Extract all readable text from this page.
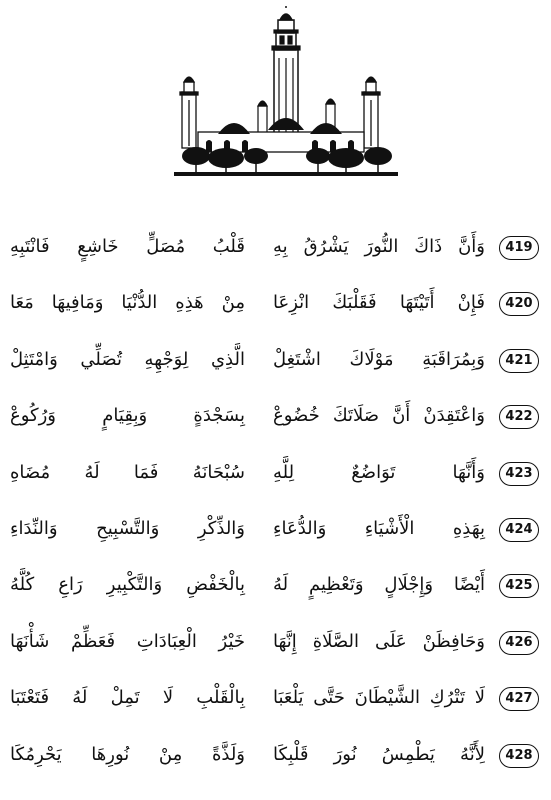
419
وَأَنَّ ذَاكَ النُّورَ يَشْرُقُ بِهِ
قَلْبُ مُصَلٍّ خَاشِعٍ فَانْتَبِهِ
420
فَإِنْ أَتَيْتَهَا فَقَلْبَكَ انْزِعَا
مِنْ هَذِهِ الدُّنْيَا وَمَافِيهَا مَعَا
421
وَبِمُرَاقَبَةِ مَوْلَاكَ اشْتَغِلْ
الَّذِي لِوَجْهِهِ تُصَلِّي وَامْتَثِلْ
422
وَاعْتَقِدَنْ أَنَّ صَلَاتَكَ خُضُوعْ
بِسَجْدَةٍ وَبِقِيَامٍ وَرُكُوعْ
423
وَأَنَّهَا تَوَاضُعٌ لِلَّهِ
سُبْحَانَهُ فَمَا لَهُ مُضَاهِ
424
بِهَذِهِ الْأَشْيَاءِ وَالدُّعَاءِ
وَالذِّكْرِ وَالتَّسْبِيحِ وَالنِّدَاءِ
425
أَيْضًا وَإِجْلَالٍ وَتَعْظِيمٍ لَهُ
بِالْخَفْضِ وَالتَّكْبِيرِ رَاعِ كُلَّهُ
426
وَحَافِظَنْ عَلَى الصَّلَاةِ إِنَّهَا
خَيْرُ الْعِبَادَاتِ فَعَظِّمْ شَأْنَهَا
427
لَا تَتْرُكِ الشَّيْطَانَ حَتَّى يَلْعَبَا
بِالْقَلْبِ لَا تَمِلْ لَهُ فَتَعْتَبَا
428
لِأَنَّهُ يَطْمِسُ نُورَ قَلْبِكَا
وَلَذَّةً مِنْ نُورِهَا يَحْرِمُكَا
